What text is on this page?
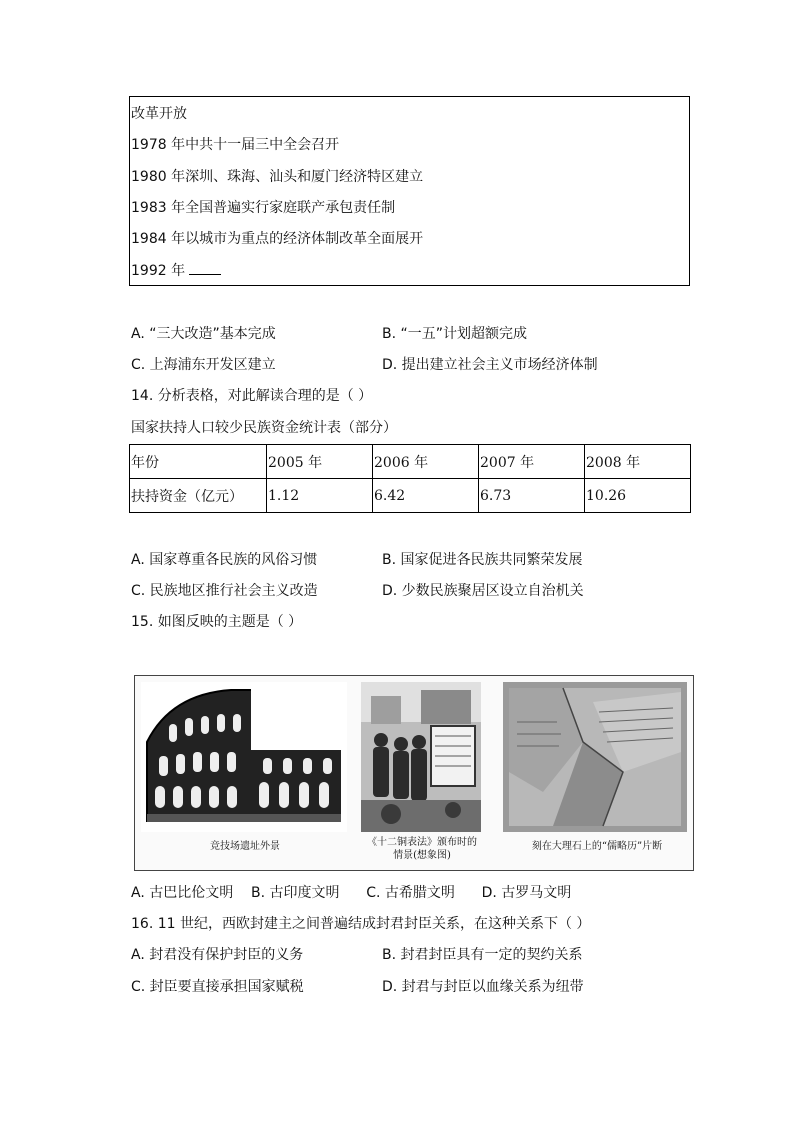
改革开放
1978 年中共十一届三中全会召开
1980 年深圳、珠海、汕头和厦门经济特区建立
1983 年全国普遍实行家庭联产承包责任制
1984 年以城市为重点的经济体制改革全面展开
1992 年
A. “三大改造”基本完成	B. “一五”计划超额完成
C. 上海浦东开发区建立	D. 提出建立社会主义市场经济体制
14. 分析表格，对此解读合理的是（ ）
国家扶持人口较少民族资金统计表（部分）
年份	2005 年	2006 年	2007 年	2008 年
扶持资金（亿元）	1.12	6.42	6.73	10.26
A. 国家尊重各民族的风俗习惯	B. 国家促进各民族共同繁荣发展
C. 民族地区推行社会主义改造	D. 少数民族聚居区设立自治机关
15. 如图反映的主题是（ ）
竞技场遗址外景	《十二铜表法》颁布时的
情景(想象图)
刻在大理石上的“儒略历”片断
A. 古巴比伦文明    B. 古印度文明      C. 古希腊文明      D. 古罗马文明
16. 11 世纪，西欧封建主之间普遍结成封君封臣关系，在这种关系下（ ）
A. 封君没有保护封臣的义务	B. 封君封臣具有一定的契约关系
C. 封臣要直接承担国家赋税	D. 封君与封臣以血缘关系为纽带
